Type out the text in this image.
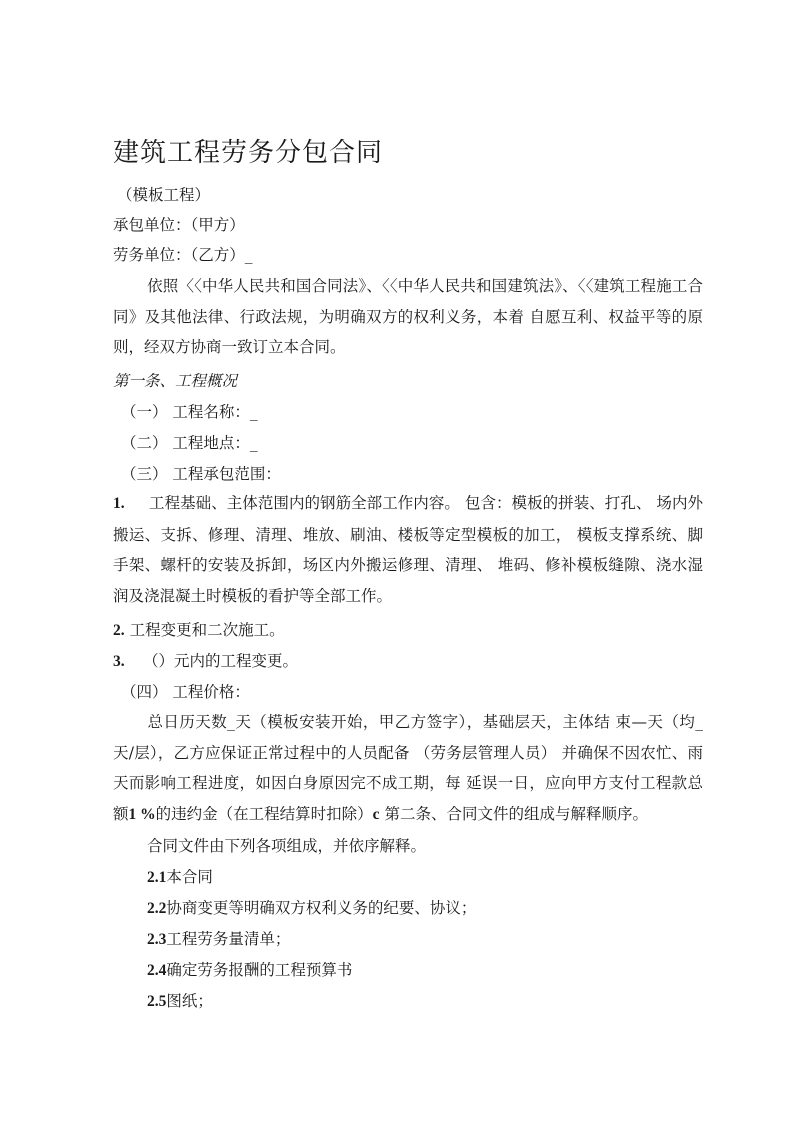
建筑工程劳务分包合同
（模板工程）
承包单位：（甲方）
劳务单位：（乙方）_
依照〈〈中华人民共和国合同法》、〈〈中华人民共和国建筑法》、〈〈建筑工程施工合同》及其他法律、行政法规，为明确双方的权利义务，本着 自愿互利、权益平等的原则，经双方协商一致订立本合同。
第一条、工程概况
（一） 工程名称：_
（二） 工程地点：_
（三） 工程承包范围：
1. 工程基础、主体范围内的钢筋全部工作内容。 包含：模板的拼装、打孔、 场内外搬运、支拆、修理、清理、堆放、刷油、楼板等定型模板的加工， 模板支撑系统、脚手架、螺杆的安装及拆卸，场区内外搬运修理、清理、 堆码、修补模板缝隙、浇水湿润及浇混凝土时模板的看护等全部工作。
2. 工程变更和二次施工。
3. （）元内的工程变更。
（四） 工程价格：
总日历天数_天（模板安装开始，甲乙方签字），基础层天，主体结 束—天（均_天/层），乙方应保证正常过程中的人员配备 （劳务层管理人员） 并确保不因农忙、雨天而影响工程进度，如因白身原因完不成工期，每 延误一日，应向甲方支付工程款总额1 %的违约金（在工程结算时扣除）c 第二条、合同文件的组成与解释顺序。
合同文件由下列各项组成，并依序解释。
2.1本合同
2.2协商变更等明确双方权利义务的纪要、协议；
2.3工程劳务量清单；
2.4确定劳务报酬的工程预算书
2.5图纸；
